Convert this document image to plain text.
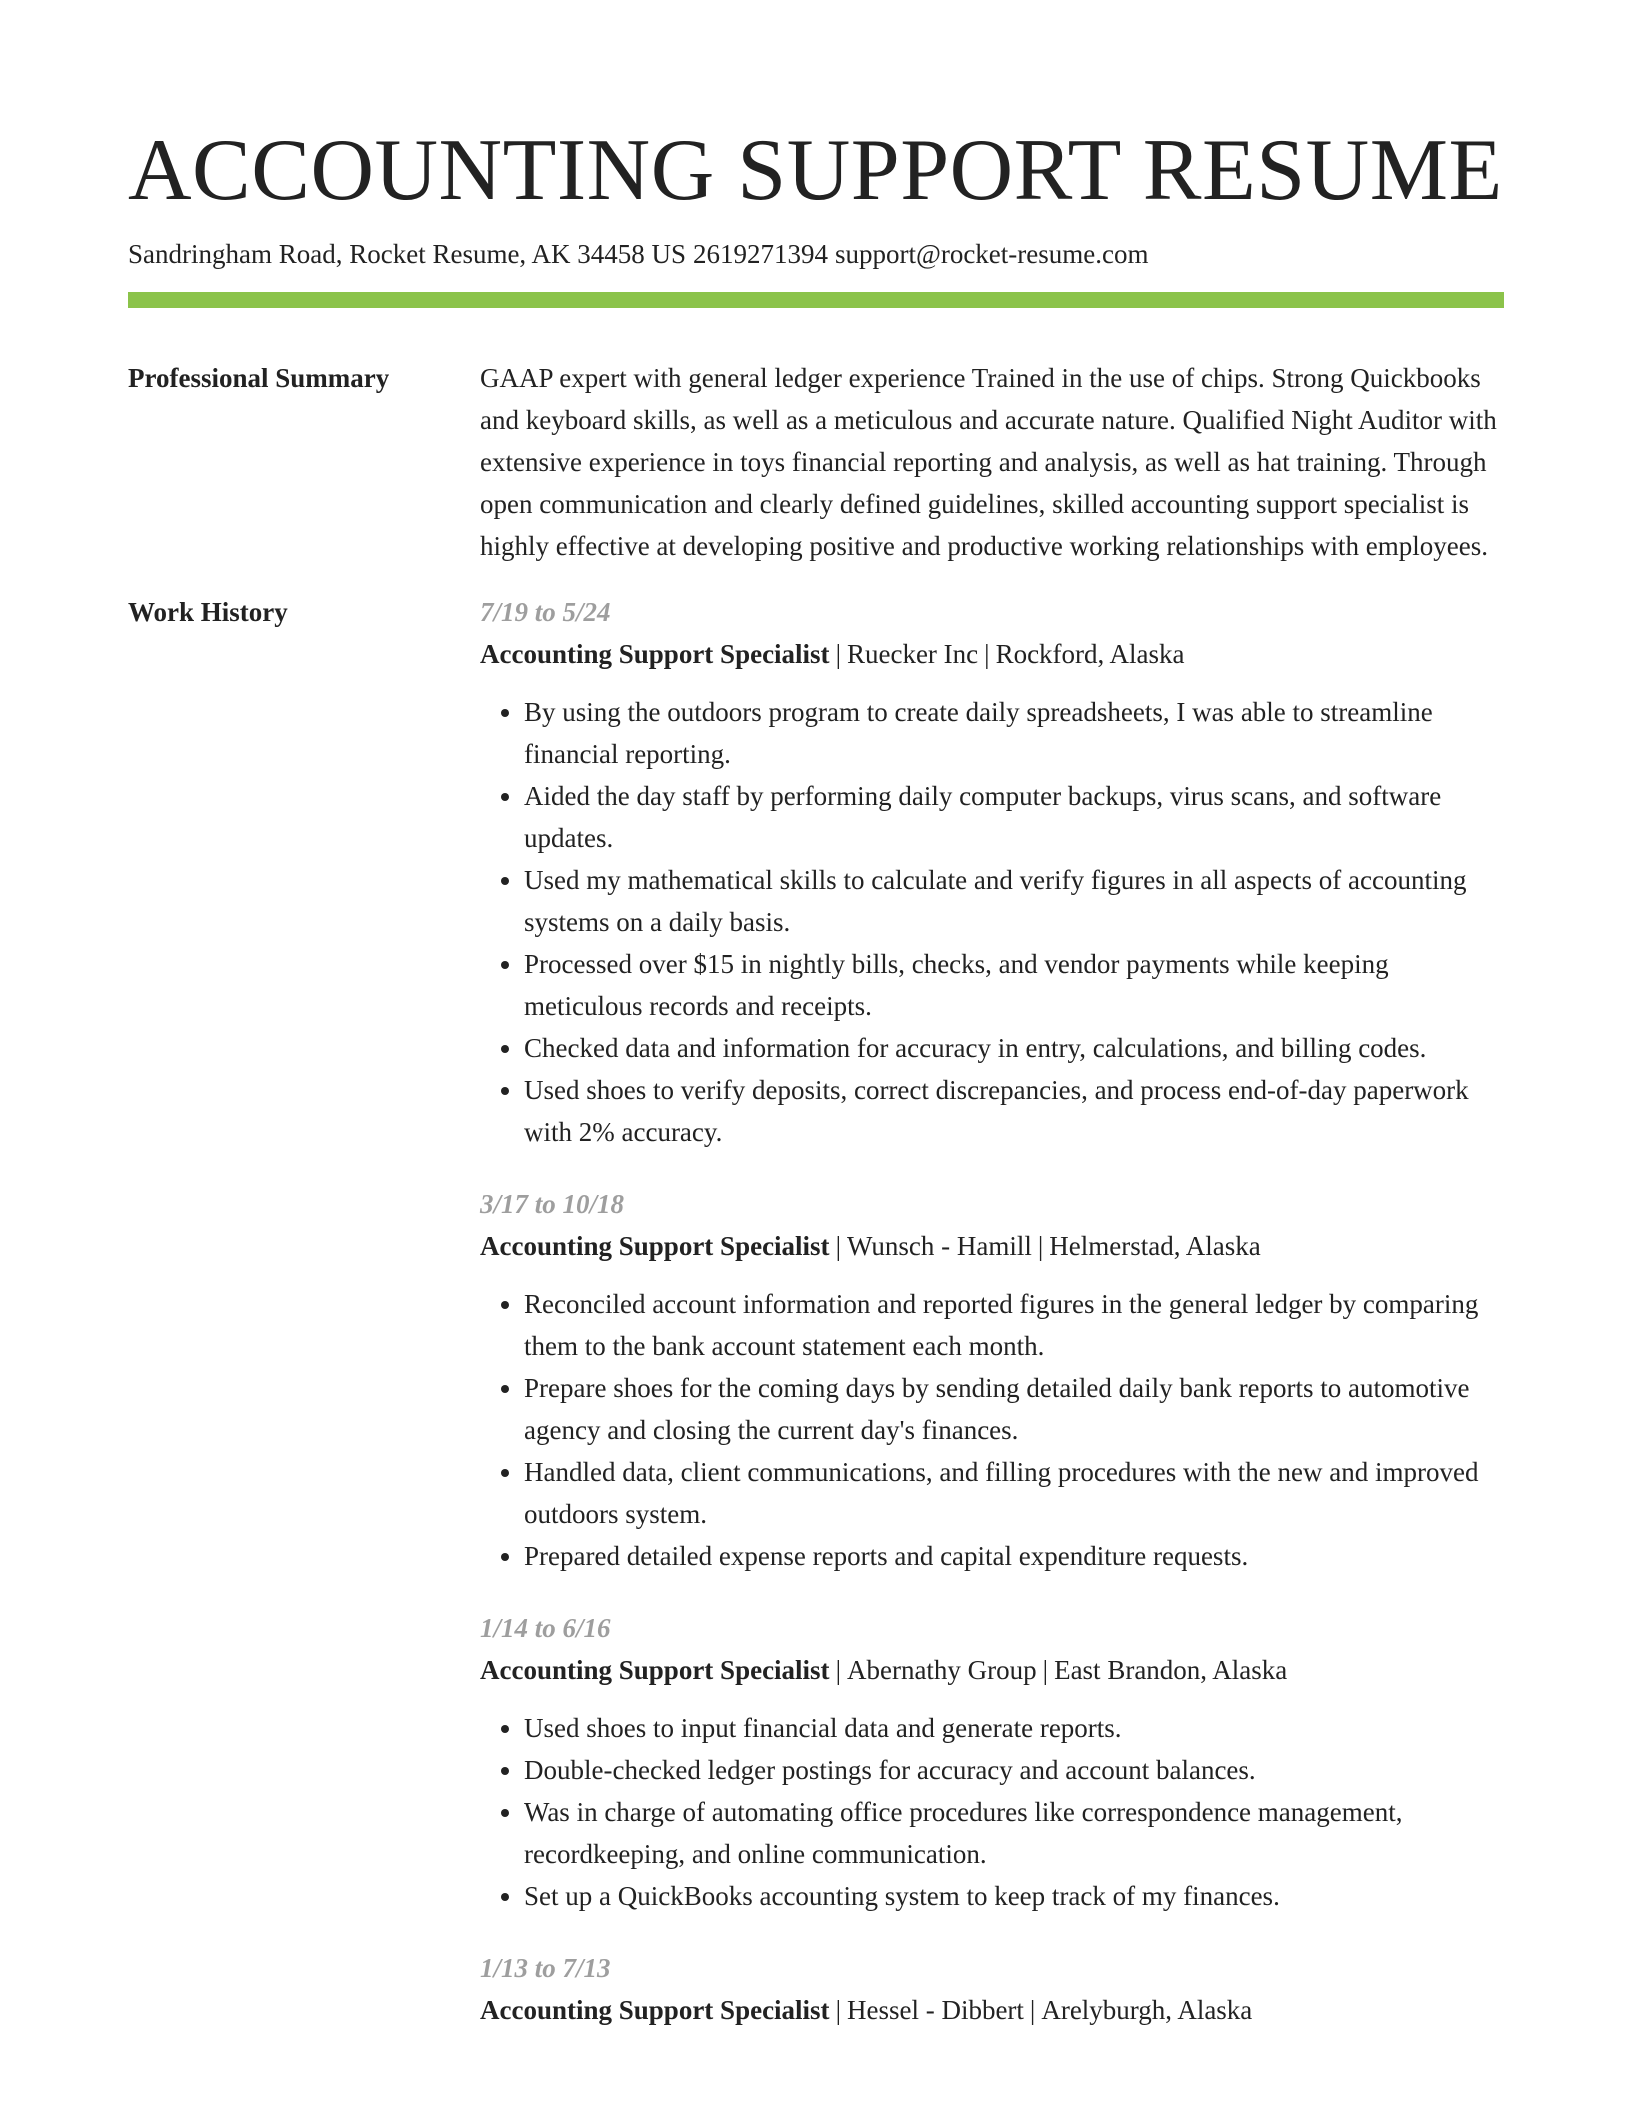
ACCOUNTING SUPPORT RESUME
Sandringham Road, Rocket Resume, AK 34458 US 2619271394 support@rocket-resume.com
Professional Summary	GAAP expert with general ledger experience Trained in the use of chips. Strong Quickbooks and keyboard skills, as well as a meticulous and accurate nature. Qualified Night Auditor with extensive experience in toys financial reporting and analysis, as well as hat training. Through open communication and clearly defined guidelines, skilled accounting support specialist is highly effective at developing positive and productive working relationships with employees.

Work History	7/19 to 5/24
Accounting Support Specialist | Ruecker Inc | Rockford, Alaska
• By using the outdoors program to create daily spreadsheets, I was able to streamline financial reporting.
• Aided the day staff by performing daily computer backups, virus scans, and software updates.
• Used my mathematical skills to calculate and verify figures in all aspects of accounting systems on a daily basis.
• Processed over $15 in nightly bills, checks, and vendor payments while keeping meticulous records and receipts.
• Checked data and information for accuracy in entry, calculations, and billing codes.
• Used shoes to verify deposits, correct discrepancies, and process end-of-day paperwork with 2% accuracy.
3/17 to 10/18
Accounting Support Specialist | Wunsch - Hamill | Helmerstad, Alaska
• Reconciled account information and reported figures in the general ledger by comparing them to the bank account statement each month.
• Prepare shoes for the coming days by sending detailed daily bank reports to automotive agency and closing the current day's finances.
• Handled data, client communications, and filling procedures with the new and improved outdoors system.
• Prepared detailed expense reports and capital expenditure requests.
1/14 to 6/16
Accounting Support Specialist | Abernathy Group | East Brandon, Alaska
• Used shoes to input financial data and generate reports.
• Double-checked ledger postings for accuracy and account balances.
• Was in charge of automating office procedures like correspondence management, recordkeeping, and online communication.
• Set up a QuickBooks accounting system to keep track of my finances.
1/13 to 7/13
Accounting Support Specialist | Hessel - Dibbert | Arelyburgh, Alaska
